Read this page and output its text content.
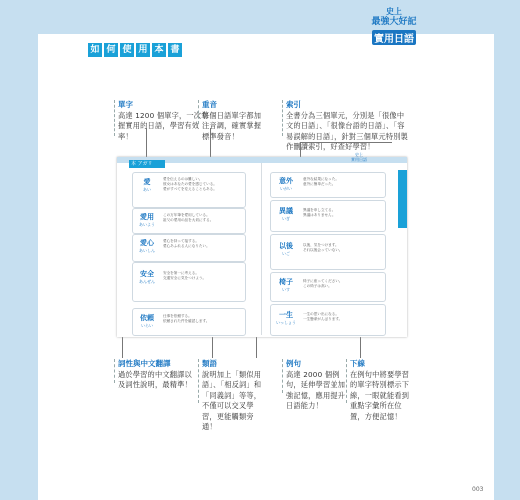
史上
最強大好記
實用日語
如 何 使 用 本 書
單字
高達 1200 個單字，一次掌握實用的日語，學習有效率！
重音
每個日語單字都加注音調，確實掌握標準發音！
索引
全書分為三個單元，分別是「很像中文的日語」、「很像台語的日語」、「容易誤解的日語」，針對三個單元特別製作刪讀索引，好查好學習！
詞性與中文翻譯
過於學習的中文翻譯以及詞性說明，最精準！
類語
說明加上「類似用語」、「相反詞」和「同義詞」等等，不僅可以交叉學習，更能觸類旁通！
例句
高達 2000 個例句，延伸學習並加強記憶，應用提升日語能力！
下線
在例句中將要學習的單字特別標示下線，一眼就能看到重點字彙所在位置，方便記憶！
本 アガリ
史上
實用日語
愛
あい
愛を伝えるのは難しい。
彼女はあなたの愛を感じている。
愛がすべてを変えることもある。
愛用
あいよう
この万年筆を愛用している。
祖父の愛用の品を大切にする。
愛心
あいしん
愛心を持って接する。
愛心あふれる人になりたい。
安全
あんぜん
安全を第一に考える。
交通安全に気をつけよう。
依頼
いらい
仕事を依頼する。
依頼された件を確認します。
意外
いがい
意外な結果になった。
意外に簡単だった。
異議
いぎ
異議を申し立てる。
異議はありません。
以後
いご
以後、気をつけます。
それ以後会っていない。
椅子
いす
椅子に座ってください。
この椅子は高い。
一生
いっしょう
一生の思い出になる。
一生懸命がんばります。
003
